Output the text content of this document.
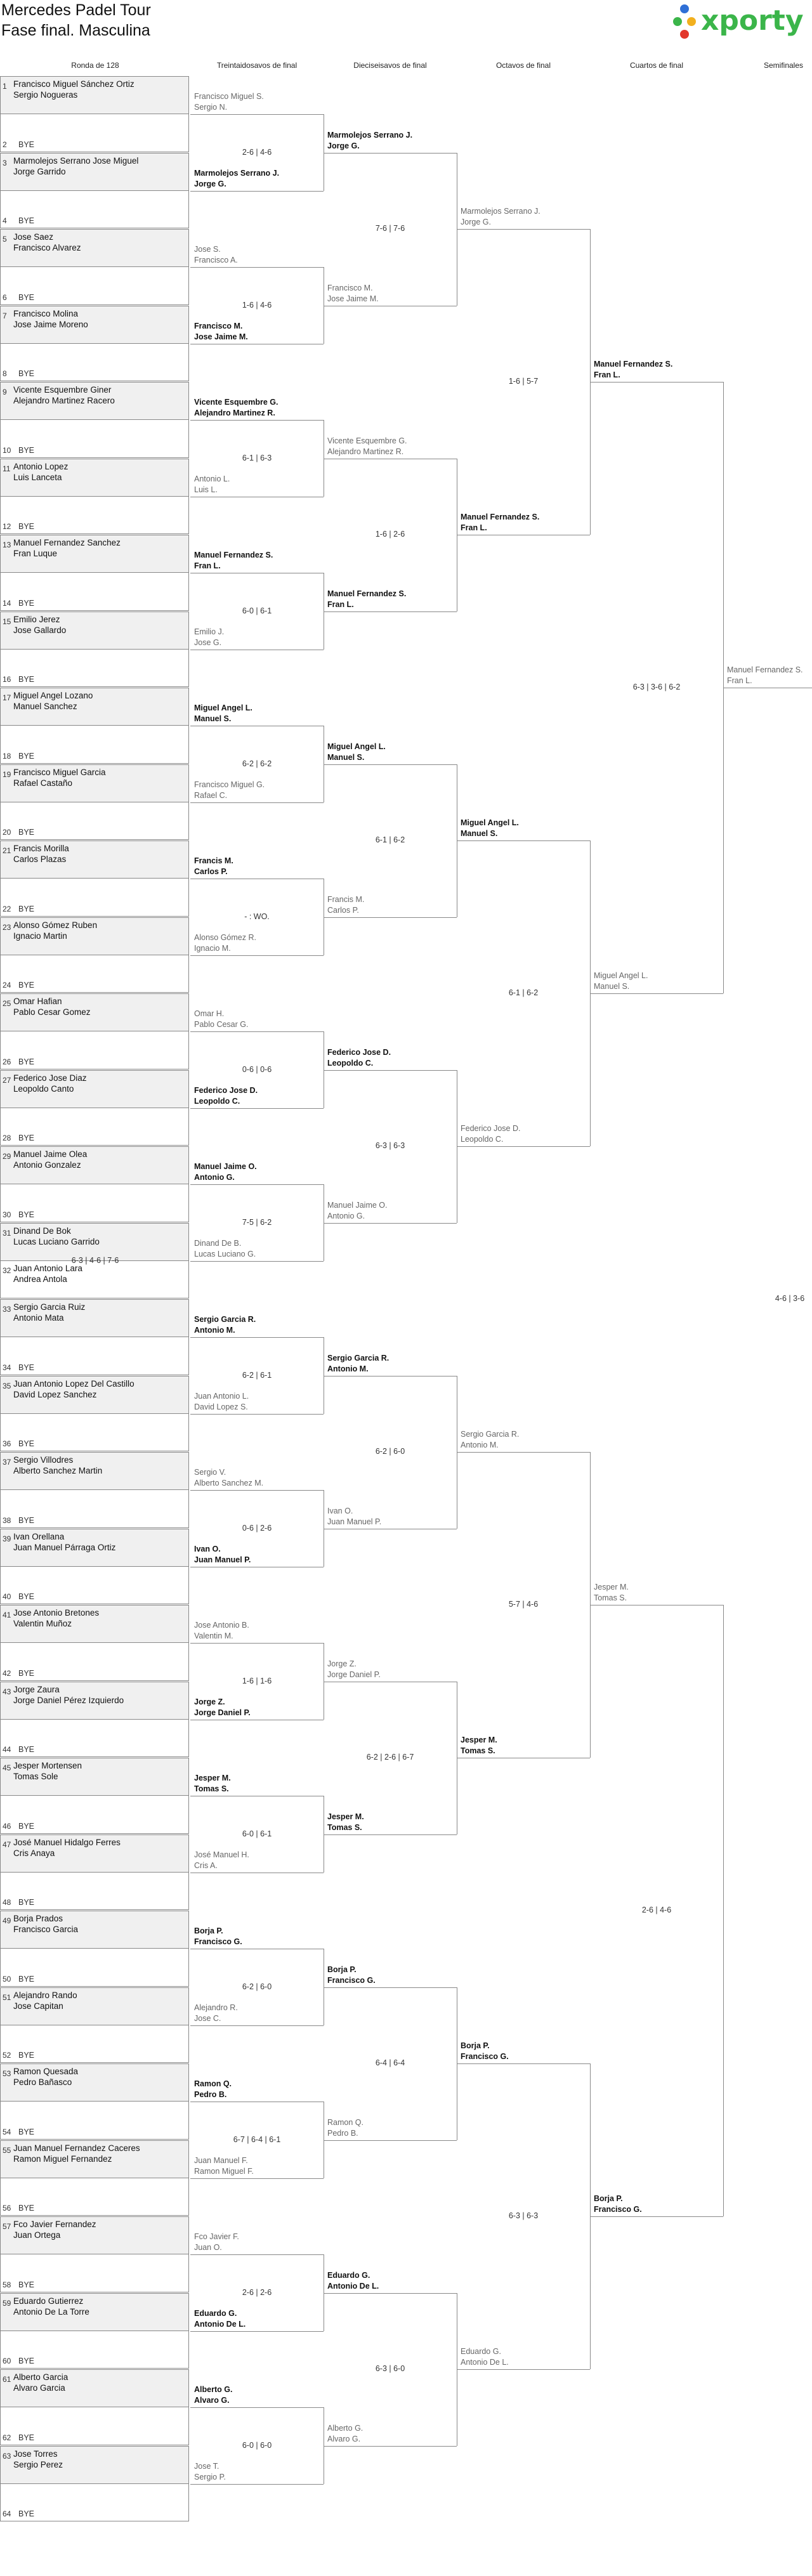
Mercedes Padel Tour
Fase final. Masculina	xporty
Ronda de 128	Treintaidosavos de final	Dieciseisavos de final	Octavos de final	Cuartos de final	Semifinales
1 Francisco Miguel Sánchez Ortiz
Sergio Nogueras
2 BYE
3 Marmolejos Serrano Jose Miguel
Jorge Garrido
4 BYE
5 Jose Saez
Francisco Alvarez
6 BYE
7 Francisco Molina
Jose Jaime Moreno
8 BYE
9 Vicente Esquembre Giner
Alejandro Martinez Racero
10 BYE
11 Antonio Lopez
Luis Lanceta
12 BYE
13 Manuel Fernandez Sanchez
Fran Luque
14 BYE
15 Emilio Jerez
Jose Gallardo
16 BYE
17 Miguel Angel Lozano
Manuel Sanchez
18 BYE
19 Francisco Miguel Garcia
Rafael Castaño
20 BYE
21 Francis Morilla
Carlos Plazas
22 BYE
23 Alonso Gómez Ruben
Ignacio Martin
24 BYE
25 Omar Hafian
Pablo Cesar Gomez
26 BYE
27 Federico Jose Diaz
Leopoldo Canto
28 BYE
29 Manuel Jaime Olea
Antonio Gonzalez
30 BYE
31 Dinand De Bok
Lucas Luciano Garrido
32 Juan Antonio Lara
Andrea Antola
33 Sergio Garcia Ruiz
Antonio Mata
34 BYE
35 Juan Antonio Lopez Del Castillo
David Lopez Sanchez
36 BYE
37 Sergio Villodres
Alberto Sanchez Martin
38 BYE
39 Ivan Orellana
Juan Manuel Párraga Ortiz
40 BYE
41 Jose Antonio Bretones
Valentin Muñoz
42 BYE
43 Jorge Zaura
Jorge Daniel Pérez Izquierdo
44 BYE
45 Jesper Mortensen
Tomas Sole
46 BYE
47 José Manuel Hidalgo Ferres
Cris Anaya
48 BYE
49 Borja Prados
Francisco Garcia
50 BYE
51 Alejandro Rando
Jose Capitan
52 BYE
53 Ramon Quesada
Pedro Bañasco
54 BYE
55 Juan Manuel Fernandez Caceres
Ramon Miguel Fernandez
56 BYE
57 Fco Javier Fernandez
Juan Ortega
58 BYE
59 Eduardo Gutierrez
Antonio De La Torre
60 BYE
61 Alberto Garcia
Alvaro Garcia
62 BYE
63 Jose Torres
Sergio Perez
64 BYE
6-3 | 4-6 | 7-6
Francisco Miguel S.
Sergio N.
Marmolejos Serrano J.
Jorge G.
Jose S.
Francisco A.
Francisco M.
Jose Jaime M.
Vicente Esquembre G.
Alejandro Martinez R.
Antonio L.
Luis L.
Manuel Fernandez S.
Fran L.
Emilio J.
Jose G.
Miguel Angel L.
Manuel S.
Francisco Miguel G.
Rafael C.
Francis M.
Carlos P.
Alonso Gómez R.
Ignacio M.
Omar H.
Pablo Cesar G.
Federico Jose D.
Leopoldo C.
Manuel Jaime O.
Antonio G.
Dinand De B.
Lucas Luciano G.
Sergio Garcia R.
Antonio M.
Juan Antonio L.
David Lopez S.
Sergio V.
Alberto Sanchez M.
Ivan O.
Juan Manuel P.
Jose Antonio B.
Valentin M.
Jorge Z.
Jorge Daniel P.
Jesper M.
Tomas S.
José Manuel H.
Cris A.
Borja P.
Francisco G.
Alejandro R.
Jose C.
Ramon Q.
Pedro B.
Juan Manuel F.
Ramon Miguel F.
Fco Javier F.
Juan O.
Eduardo G.
Antonio De L.
Alberto G.
Alvaro G.
Jose T.
Sergio P.
2-6 | 4-6
1-6 | 4-6
6-1 | 6-3
6-0 | 6-1
6-2 | 6-2
- : WO.
0-6 | 0-6
7-5 | 6-2
6-2 | 6-1
0-6 | 2-6
1-6 | 1-6
6-0 | 6-1
6-2 | 6-0
6-7 | 6-4 | 6-1
2-6 | 2-6
6-0 | 6-0
Marmolejos Serrano J.
Jorge G.
Francisco M.
Jose Jaime M.
Vicente Esquembre G.
Alejandro Martinez R.
Manuel Fernandez S.
Fran L.
Miguel Angel L.
Manuel S.
Francis M.
Carlos P.
Federico Jose D.
Leopoldo C.
Manuel Jaime O.
Antonio G.
Sergio Garcia R.
Antonio M.
Ivan O.
Juan Manuel P.
Jorge Z.
Jorge Daniel P.
Jesper M.
Tomas S.
Borja P.
Francisco G.
Ramon Q.
Pedro B.
Eduardo G.
Antonio De L.
Alberto G.
Alvaro G.
7-6 | 7-6
1-6 | 2-6
6-1 | 6-2
6-3 | 6-3
6-2 | 6-0
6-2 | 2-6 | 6-7
6-4 | 6-4
6-3 | 6-0
Marmolejos Serrano J.
Jorge G.
Manuel Fernandez S.
Fran L.
Miguel Angel L.
Manuel S.
Federico Jose D.
Leopoldo C.
Sergio Garcia R.
Antonio M.
Jesper M.
Tomas S.
Borja P.
Francisco G.
Eduardo G.
Antonio De L.
1-6 | 5-7
6-1 | 6-2
5-7 | 4-6
6-3 | 6-3
Manuel Fernandez S.
Fran L.
Miguel Angel L.
Manuel S.
Jesper M.
Tomas S.
Borja P.
Francisco G.
6-3 | 3-6 | 6-2
2-6 | 4-6
Manuel Fernandez S.
Fran L.
4-6 | 3-6
